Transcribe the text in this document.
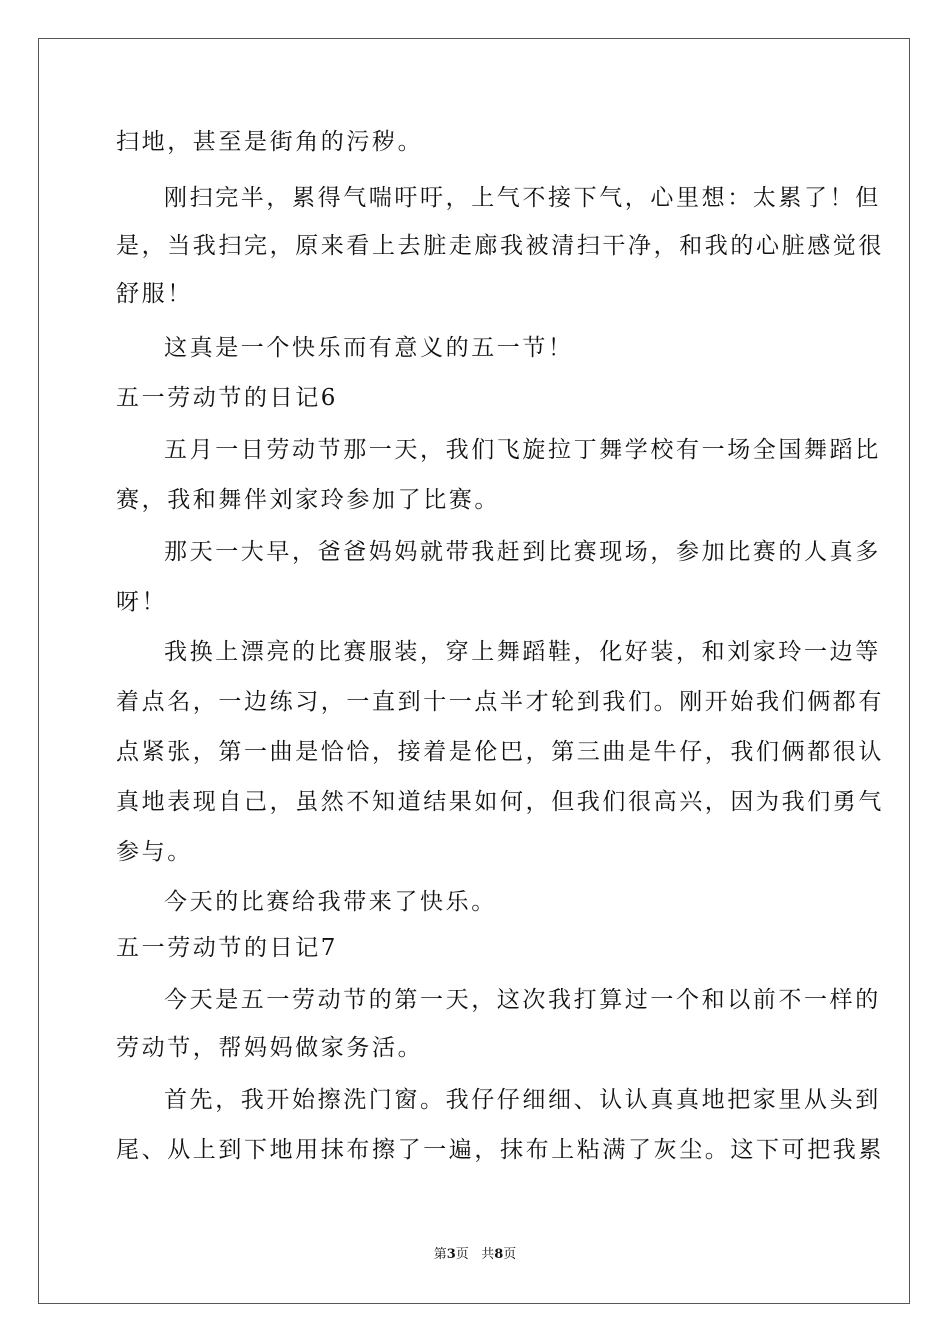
扫地，甚至是街角的污秽。
刚扫完半，累得气喘吁吁，上气不接下气，心里想：太累了！但
是，当我扫完，原来看上去脏走廊我被清扫干净，和我的心脏感觉很
舒服！
这真是一个快乐而有意义的五一节！
五一劳动节的日记6
五月一日劳动节那一天，我们飞旋拉丁舞学校有一场全国舞蹈比
赛，我和舞伴刘家玲参加了比赛。
那天一大早，爸爸妈妈就带我赶到比赛现场，参加比赛的人真多
呀！
我换上漂亮的比赛服装，穿上舞蹈鞋，化好装，和刘家玲一边等
着点名，一边练习，一直到十一点半才轮到我们。刚开始我们俩都有
点紧张，第一曲是恰恰，接着是伦巴，第三曲是牛仔，我们俩都很认
真地表现自己，虽然不知道结果如何，但我们很高兴，因为我们勇气
参与。
今天的比赛给我带来了快乐。
五一劳动节的日记7
今天是五一劳动节的第一天，这次我打算过一个和以前不一样的
劳动节，帮妈妈做家务活。
首先，我开始擦洗门窗。我仔仔细细、认认真真地把家里从头到
尾、从上到下地用抹布擦了一遍，抹布上粘满了灰尘。这下可把我累
第3页 共8页
